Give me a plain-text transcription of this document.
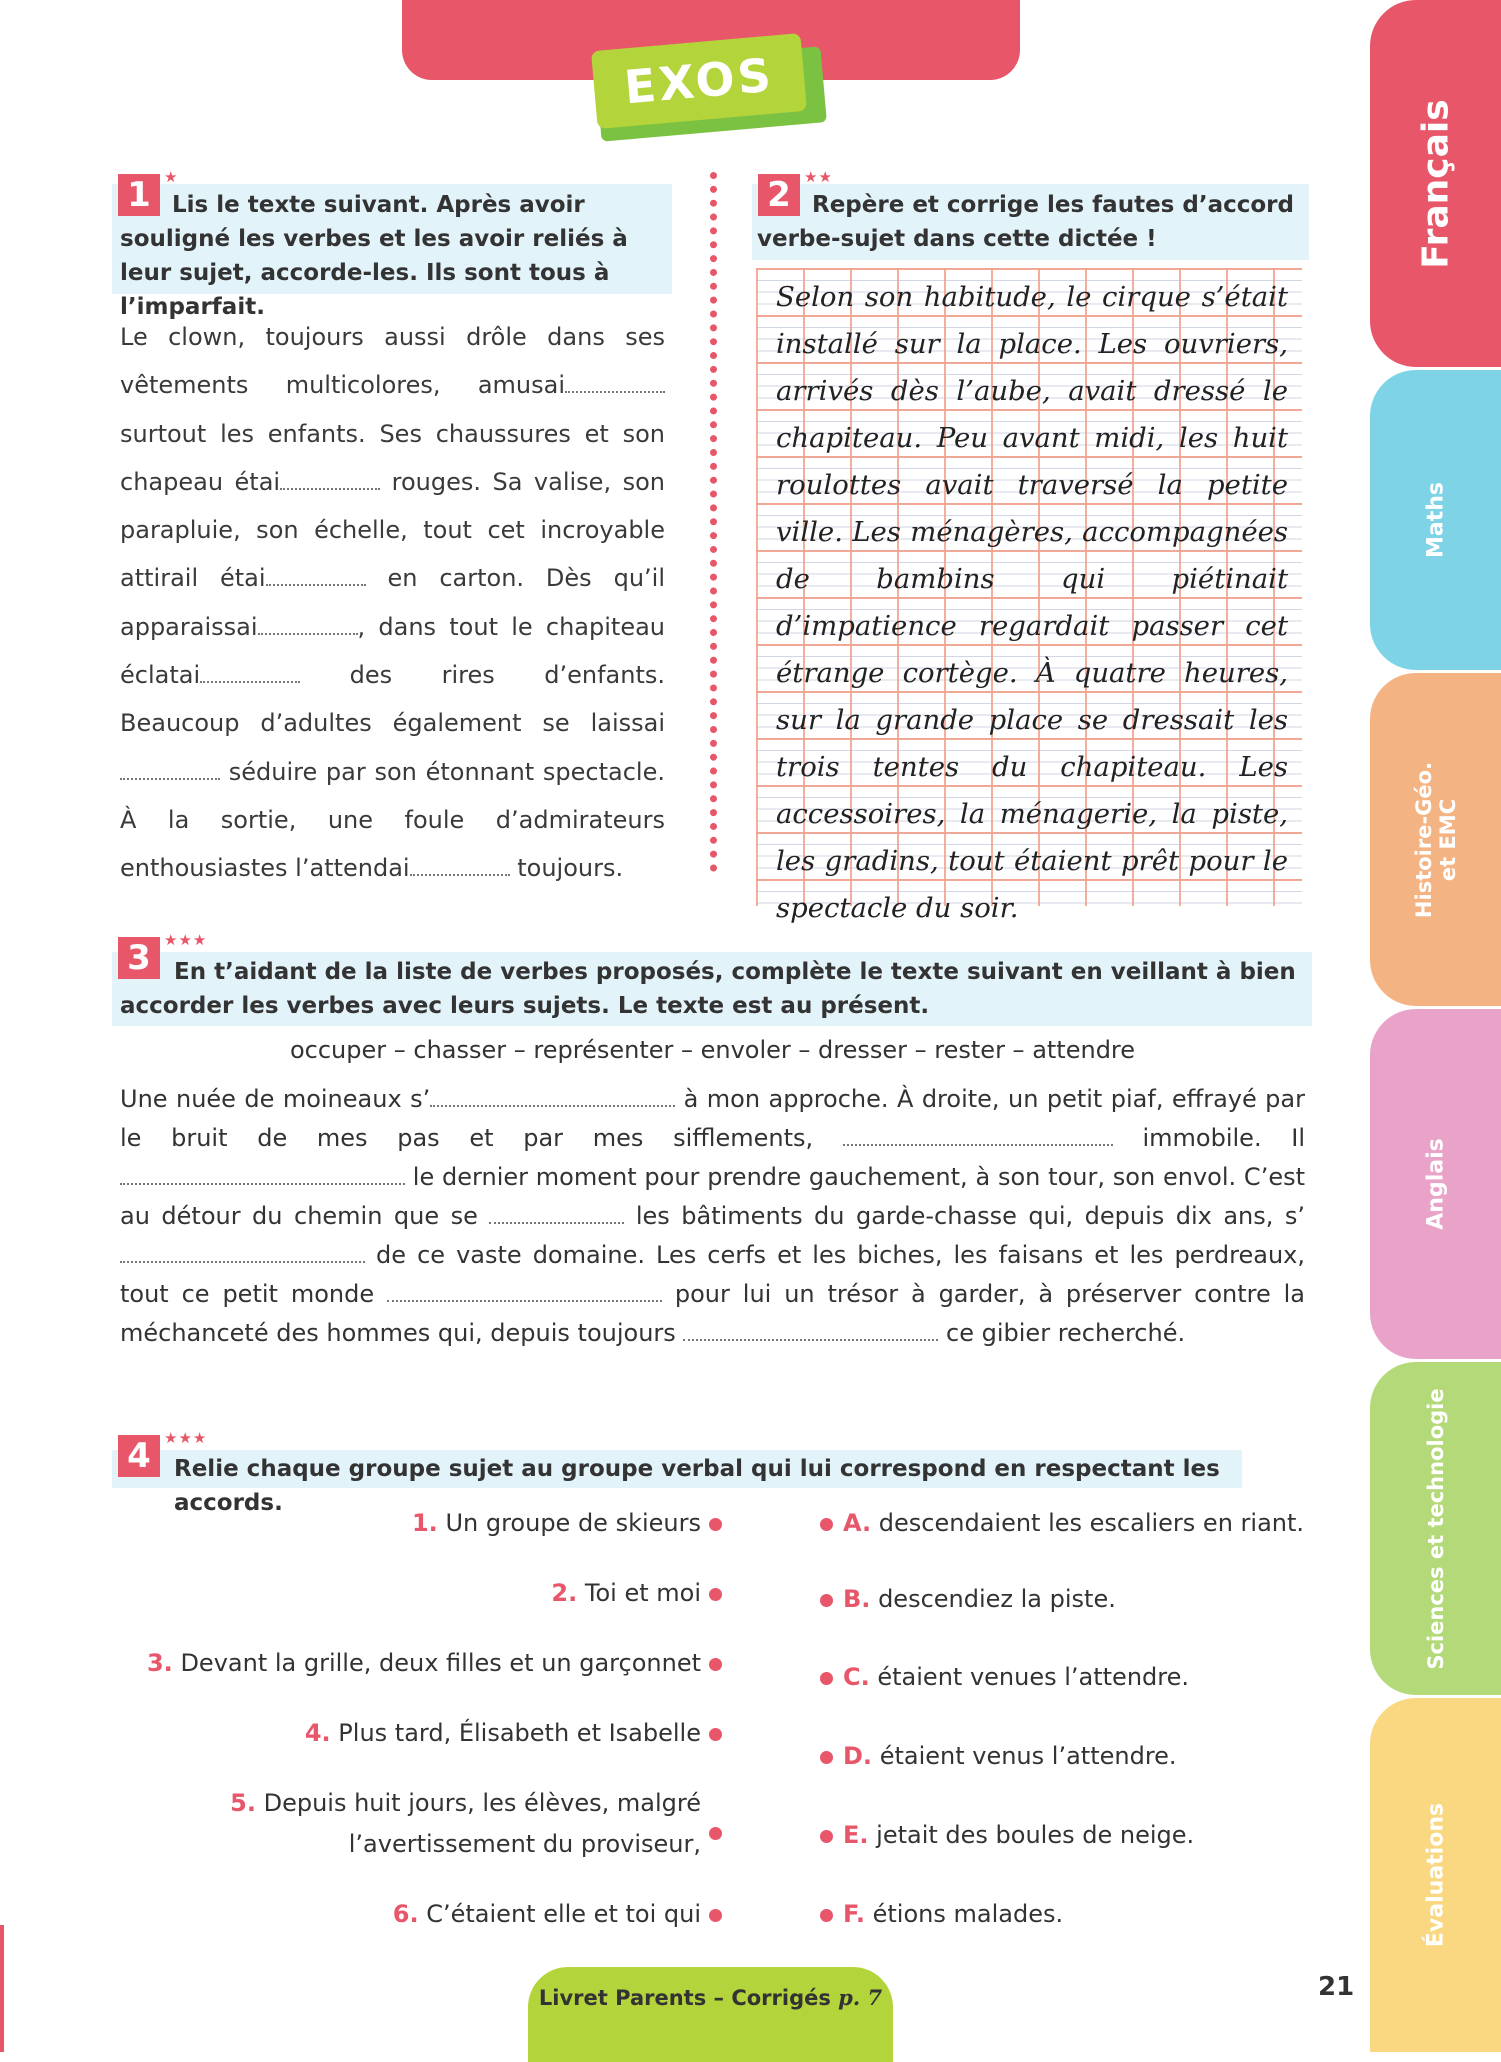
EXOS
Français
Maths
Histoire-Géo.
et EMC
Anglais
Sciences et technologie
Évaluations
1 ★
Lis le texte suivant. Après avoir souligné les verbes et les avoir reliés à leur sujet, accorde-les. Ils sont tous à l’imparfait.
Le clown, toujours aussi drôle dans ses vêtements multicolores, amusai surtout les enfants. Ses chaussures et son chapeau étai	rouges. Sa valise, son parapluie, son échelle, tout cet incroyable attirail étai	en carton. Dès qu’il apparaissai	, dans tout le chapiteau éclatai	des rires d’enfants. Beaucoup d’adultes également se laissai séduire par son étonnant spectacle. À la sortie, une foule d’admirateurs enthousiastes l’attendai	toujours.
2 ★★
Repère et corrige les fautes d’accord verbe-sujet dans cette dictée !

Selon son habitude, le cirque s’était installé sur la place. Les ouvriers, arrivés dès l’aube, avait dressé le chapiteau. Peu avant midi, les huit roulottes avait traversé la petite ville. Les ménagères, accompagnées de bambins qui piétinait d’impatience regardait passer cet étrange cortège. À quatre heures, sur la grande place se dressait les trois tentes du chapiteau. Les accessoires, la ménagerie, la piste, les gradins, tout étaient prêt pour le spectacle du soir.

3 ★★★
En t’aidant de la liste de verbes proposés, complète le texte suivant en veillant à bien accorder les verbes avec leurs sujets. Le texte est au présent.
occuper – chasser – représenter – envoler – dresser – rester – attendre
Une nuée de moineaux s’	à mon approche. À droite, un petit piaf, effrayé par le bruit de mes pas et par mes sifflements,	immobile. Il  le dernier moment pour prendre gauchement, à son tour, son envol. C’est au détour du chemin que se	les bâtiments du garde-chasse qui, depuis dix ans, s’ de ce vaste domaine. Les cerfs et les biches, les faisans et les perdreaux, tout ce petit monde	pour lui un trésor à garder, à préserver contre la méchanceté des hommes qui, depuis toujours	ce gibier recherché.
4 ★★★
Relie chaque groupe sujet au groupe verbal qui lui correspond en respectant les accords.
1. Un groupe de skieurs
2. Toi et moi
3. Devant la grille, deux filles et un garçonnet
4. Plus tard, Élisabeth et Isabelle
5. Depuis huit jours, les élèves, malgré
l’avertissement du proviseur,
6. C’étaient elle et toi qui
A. descendaient les escaliers en riant.
B. descendiez la piste.
C. étaient venues l’attendre.
D. étaient venus l’attendre.
E. jetait des boules de neige.
F. étions malades.
Livret Parents – Corrigés p. 7	21
